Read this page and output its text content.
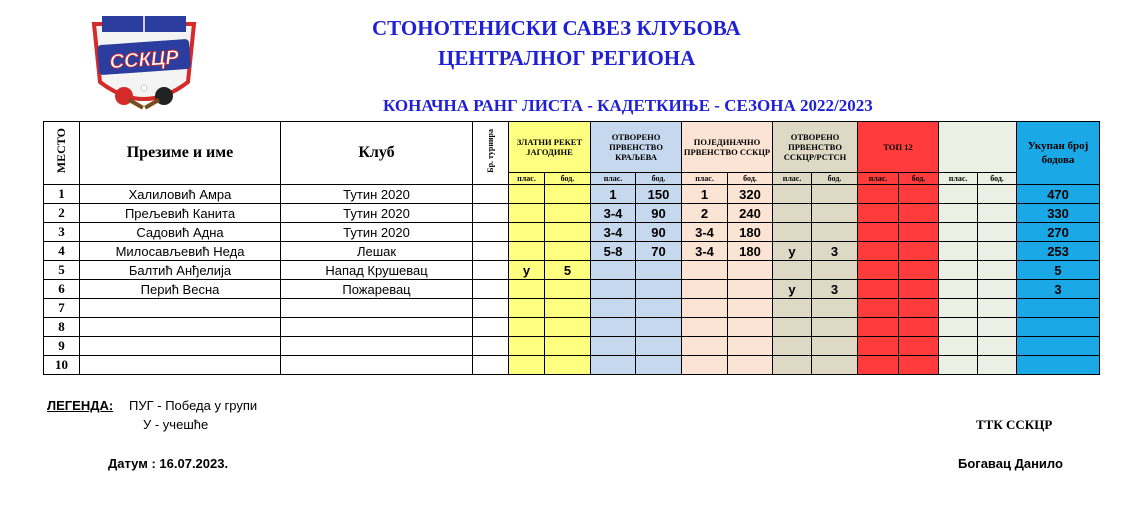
ССКЦР
СТОНОТЕНИСКИ САВЕЗ КЛУБОВА
ЦЕНТРАЛНОГ РЕГИОНА
КОНАЧНА РАНГ ЛИСТА - КАДЕТКИЊЕ - СЕЗОНА 2022/2023
МЕСТО	Презиме и име	Клуб	Бр. турнира	ЗЛАТНИ РЕКЕТ ЈАГОДИНЕ		ОТВОРЕНО ПРВЕНСТВО КРАЉЕВА		ПОЈЕДИНАЧНО ПРВЕНСТВО ССКЦР		ОТВОРЕНО ПРВЕНСТВО ССКЦР/РСТСН		ТОП 12				Укупан број бодова
				плас.	бод.	плас.	бод.	плас.	бод.	плас.	бод.	плас.	бод.	плас.	бод.	
1	Халиловић Амра	Тутин 2020				1	150	1	320							470
2	Прељевић Канита	Тутин 2020				3-4	90	2	240							330
3	Садовић Адна	Тутин 2020				3-4	90	3-4	180							270
4	Милосављевић Неда	Лешак				5-8	70	3-4	180	у	3					253
5	Балтић Анђелија	Напад Крушевац		у	5											5
6	Перић Весна	Пожаревац								у	3					3
7																
8																
9																
10																
ЛЕГЕНДА: ПУГ - Победа у групи
У - учешће
Датум : 16.07.2023.
ТТК ССКЦР
Богавац Данило
